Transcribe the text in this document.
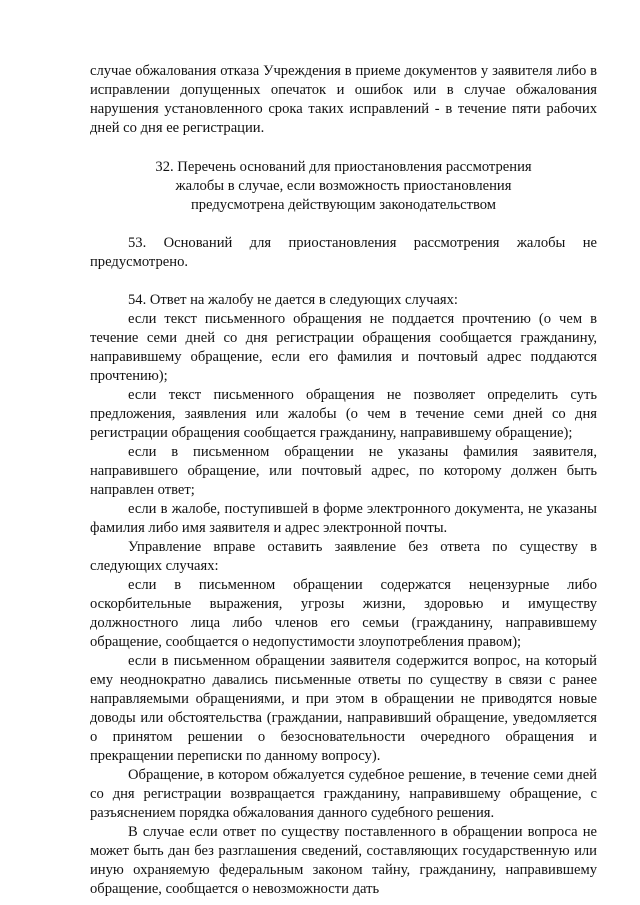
случае обжалования отказа Учреждения в приеме документов у заявителя либо в исправлении допущенных опечаток и ошибок или в случае обжалования нарушения установленного срока таких исправлений - в течение пяти рабочих дней со дня ее регистрации.

32. Перечень оснований для приостановления рассмотрения
жалобы в случае, если возможность приостановления
предусмотрена действующим законодательством

53. Оснований для приостановления рассмотрения жалобы не предусмотрено.

54. Ответ на жалобу не дается в следующих случаях:

если текст письменного обращения не поддается прочтению (о чем в течение семи дней со дня регистрации обращения сообщается гражданину, направившему обращение, если его фамилия и почтовый адрес поддаются прочтению);

если текст письменного обращения не позволяет определить суть предложения, заявления или жалобы (о чем в течение семи дней со дня регистрации обращения сообщается гражданину, направившему обращение);

если в письменном обращении не указаны фамилия заявителя, направившего обращение, или почтовый адрес, по которому должен быть направлен ответ;

если в жалобе, поступившей в форме электронного документа, не указаны фамилия либо имя заявителя и адрес электронной почты.

Управление вправе оставить заявление без ответа по существу в следующих случаях:

если в письменном обращении содержатся нецензурные либо оскорбительные выражения, угрозы жизни, здоровью и имуществу должностного лица либо членов его семьи (гражданину, направившему обращение, сообщается о недопустимости злоупотребления правом);

если в письменном обращении заявителя содержится вопрос, на который ему неоднократно давались письменные ответы по существу в связи с ранее направляемыми обращениями, и при этом в обращении не приводятся новые доводы или обстоятельства (граждании, направивший обращение, уведомляется о принятом решении о безосновательности очередного обращения и прекращении переписки по данному вопросу).

Обращение, в котором обжалуется судебное решение, в течение семи дней со дня регистрации возвращается гражданину, направившему обращение, с разъяснением порядка обжалования данного судебного решения.

В случае если ответ по существу поставленного в обращении вопроса не может быть дан без разглашения сведений, составляющих государственную или иную охраняемую федеральным законом тайну, гражданину, направившему обращение, сообщается о невозможности дать
